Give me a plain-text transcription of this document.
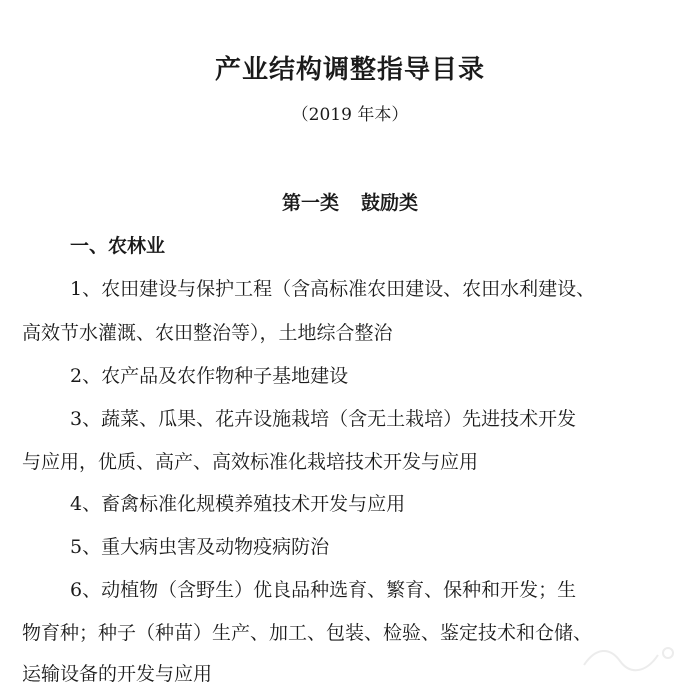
产业结构调整指导目录
（2019 年本）
第一类 鼓励类
一、农林业
1、农田建设与保护工程（含高标准农田建设、农田水利建设、
高效节水灌溉、农田整治等），土地综合整治
2、农产品及农作物种子基地建设
3、蔬菜、瓜果、花卉设施栽培（含无土栽培）先进技术开发
与应用，优质、高产、高效标准化栽培技术开发与应用
4、畜禽标准化规模养殖技术开发与应用
5、重大病虫害及动物疫病防治
6、动植物（含野生）优良品种选育、繁育、保种和开发；生
物育种；种子（种苗）生产、加工、包装、检验、鉴定技术和仓储、
运输设备的开发与应用
